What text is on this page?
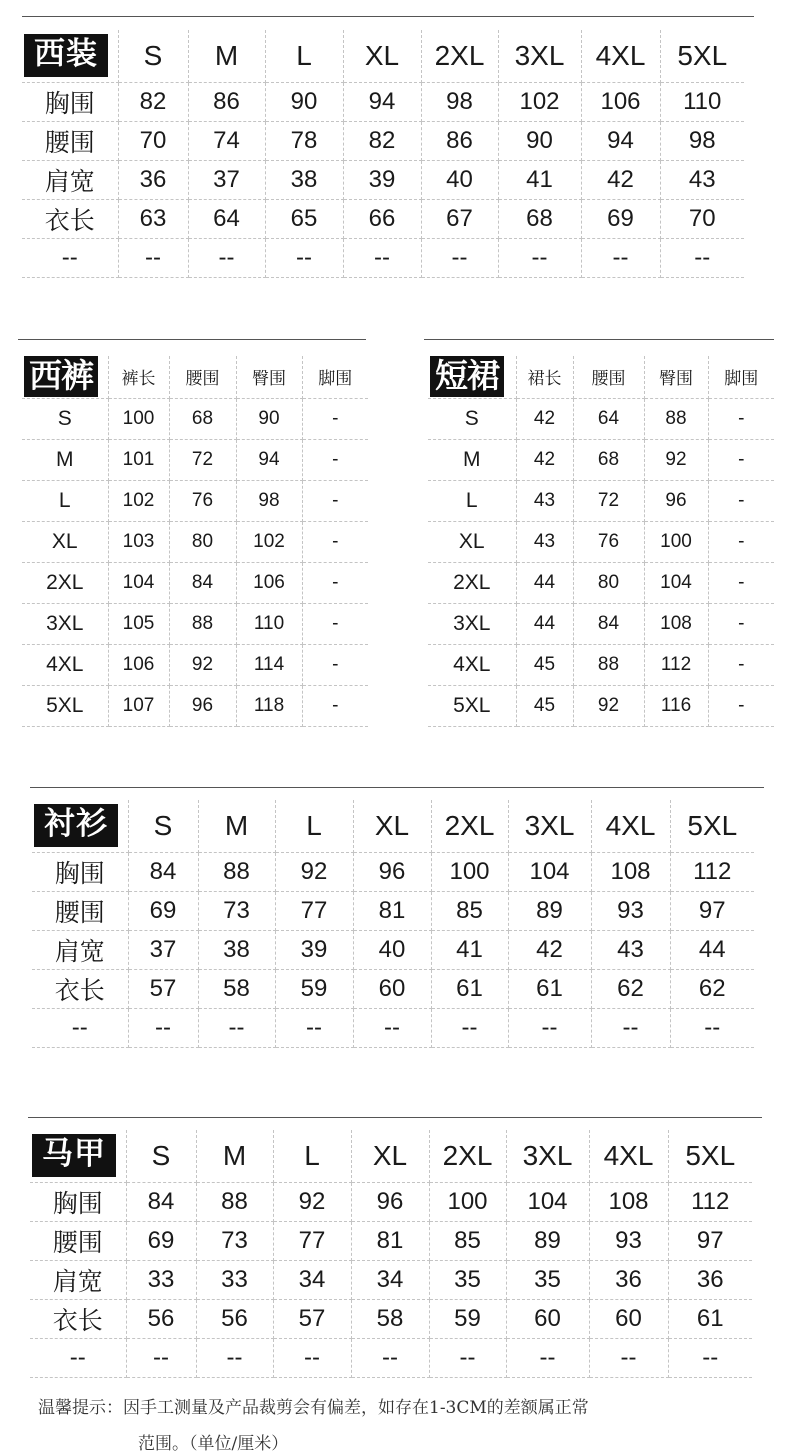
西装	S	M	L	XL	2XL	3XL	4XL	5XL
胸围	82	86	90	94	98	102	106	110
腰围	70	74	78	82	86	90	94	98
肩宽	36	37	38	39	40	41	42	43
衣长	63	64	65	66	67	68	69	70
--	--	--	--	--	--	--	--	--
西裤	裤长	腰围	臀围	脚围
S	100	68	90	-
M	101	72	94	-
L	102	76	98	-
XL	103	80	102	-
2XL	104	84	106	-
3XL	105	88	110	-
4XL	106	92	114	-
5XL	107	96	118	-
短裙	裙长	腰围	臀围	脚围
S	42	64	88	-
M	42	68	92	-
L	43	72	96	-
XL	43	76	100	-
2XL	44	80	104	-
3XL	44	84	108	-
4XL	45	88	112	-
5XL	45	92	116	-
衬衫	S	M	L	XL	2XL	3XL	4XL	5XL
胸围	84	88	92	96	100	104	108	112
腰围	69	73	77	81	85	89	93	97
肩宽	37	38	39	40	41	42	43	44
衣长	57	58	59	60	61	61	62	62
--	--	--	--	--	--	--	--	--
马甲	S	M	L	XL	2XL	3XL	4XL	5XL
胸围	84	88	92	96	100	104	108	112
腰围	69	73	77	81	85	89	93	97
肩宽	33	33	34	34	35	35	36	36
衣长	56	56	57	58	59	60	60	61
--	--	--	--	--	--	--	--	--
温馨提示：因手工测量及产品裁剪会有偏差，如存在1-3CM的差额属正常
范围。（单位/厘米）
